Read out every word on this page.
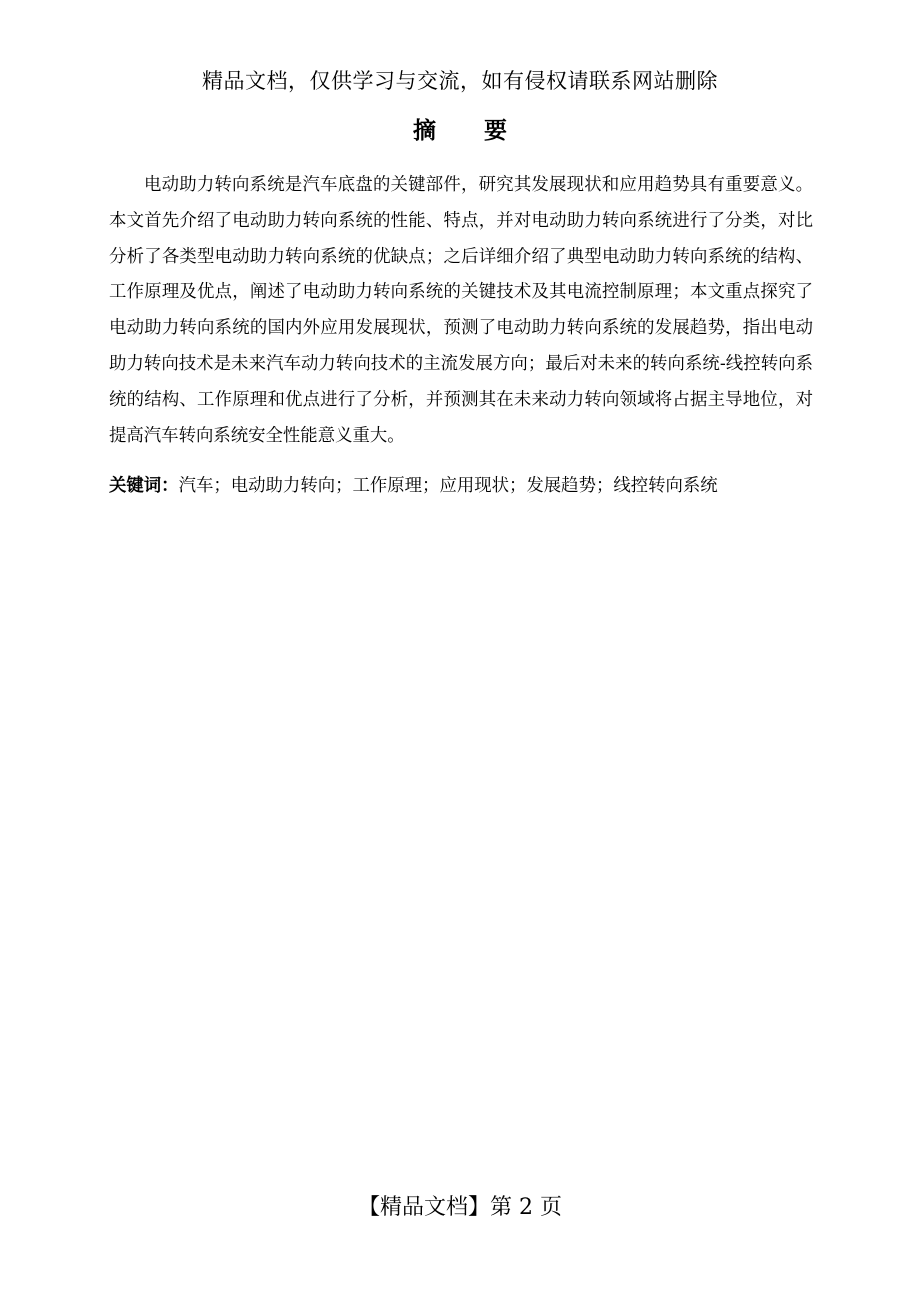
精品文档，仅供学习与交流，如有侵权请联系网站删除
摘 要

电动助力转向系统是汽车底盘的关键部件，研究其发展现状和应用趋势具有重要意义。本文首先介绍了电动助力转向系统的性能、特点，并对电动助力转向系统进行了分类，对比分析了各类型电动助力转向系统的优缺点；之后详细介绍了典型电动助力转向系统的结构、工作原理及优点，阐述了电动助力转向系统的关键技术及其电流控制原理；本文重点探究了电动助力转向系统的国内外应用发展现状，预测了电动助力转向系统的发展趋势，指出电动助力转向技术是未来汽车动力转向技术的主流发展方向；最后对未来的转向系统-线控转向系统的结构、工作原理和优点进行了分析，并预测其在未来动力转向领域将占据主导地位，对提高汽车转向系统安全性能意义重大。

关键词：汽车；电动助力转向；工作原理；应用现状；发展趋势；线控转向系统
【精品文档】第 2 页
